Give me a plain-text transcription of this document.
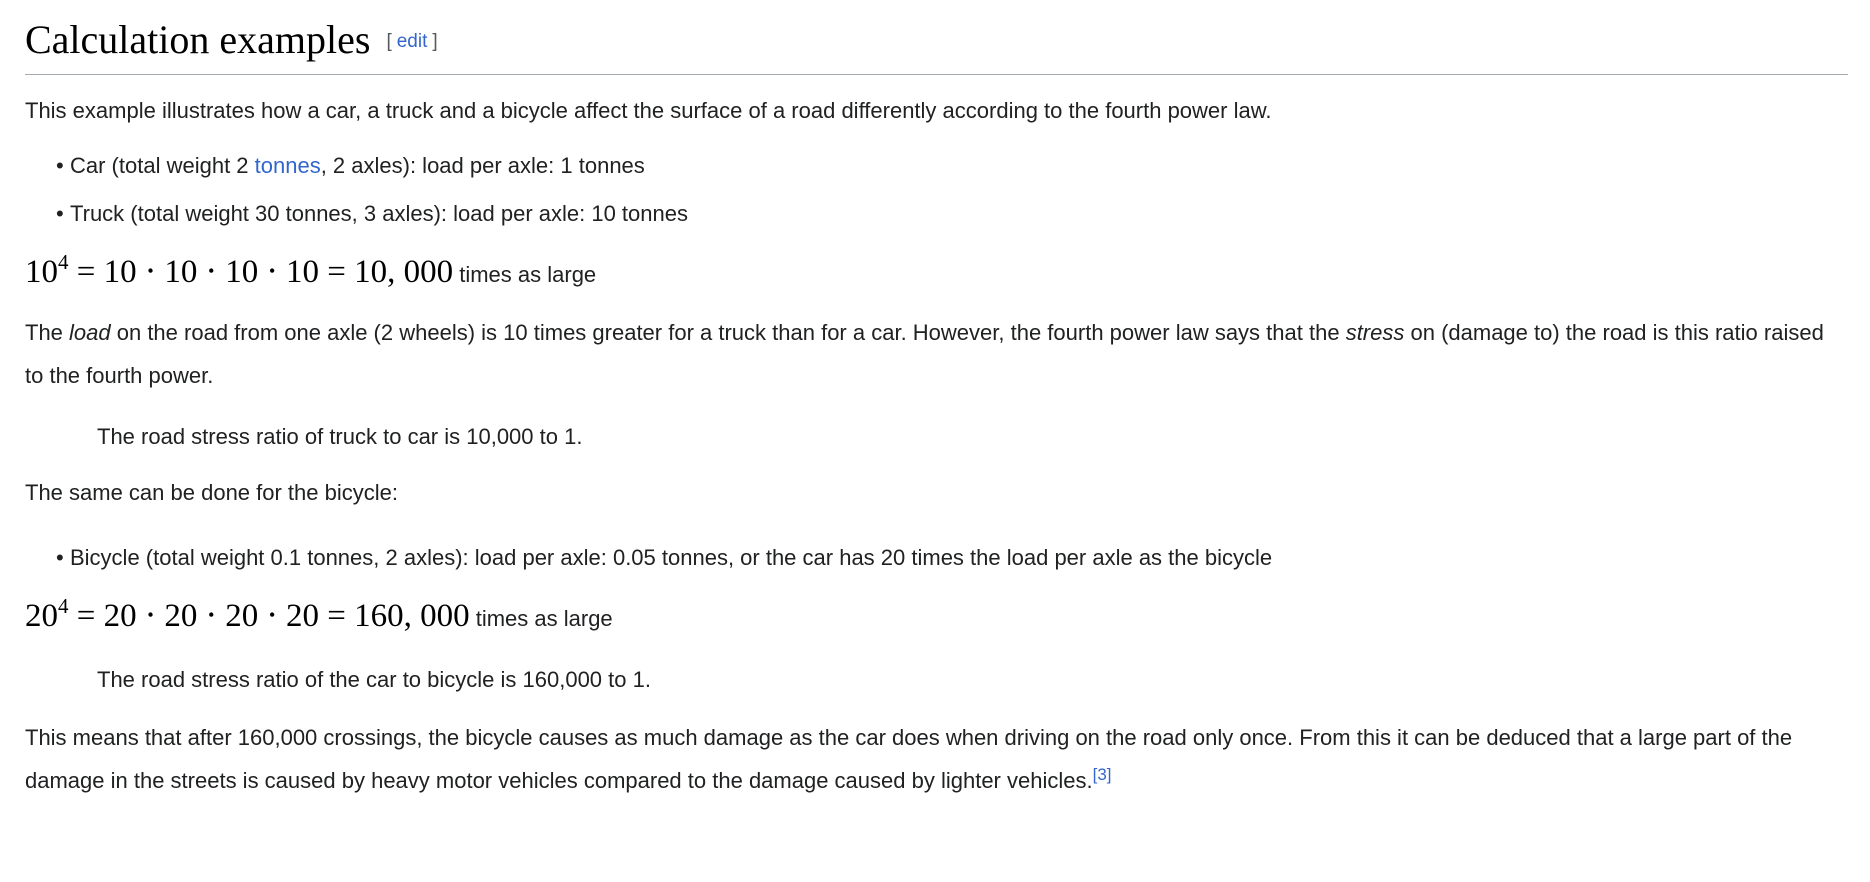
Calculation examples [ edit ]

This example illustrates how a car, a truck and a bicycle affect the surface of a road differently according to the fourth power law.

• Car (total weight 2 tonnes, 2 axles): load per axle: 1 tonnes
• Truck (total weight 30 tonnes, 3 axles): load per axle: 10 tonnes
$10^4 = 10 \cdot 10 \cdot 10 \cdot 10 = 10$, 000 times as large

The load on the road from one axle (2 wheels) is 10 times greater for a truck than for a car. However, the fourth power law says that the stress on (damage to) the road is this ratio raised to the fourth power.

The road stress ratio of truck to car is 10,000 to 1.

The same can be done for the bicycle:

• Bicycle (total weight 0.1 tonnes, 2 axles): load per axle: 0.05 tonnes, or the car has 20 times the load per axle as the bicycle
$20^4 = 20 \cdot 20 \cdot 20 \cdot 20 = 160$, 000 times as large
The road stress ratio of the car to bicycle is 160,000 to 1.

This means that after 160,000 crossings, the bicycle causes as much damage as the car does when driving on the road only once. From this it can be deduced that a large part of the damage in the streets is caused by heavy motor vehicles compared to the damage caused by lighter vehicles.[3]
